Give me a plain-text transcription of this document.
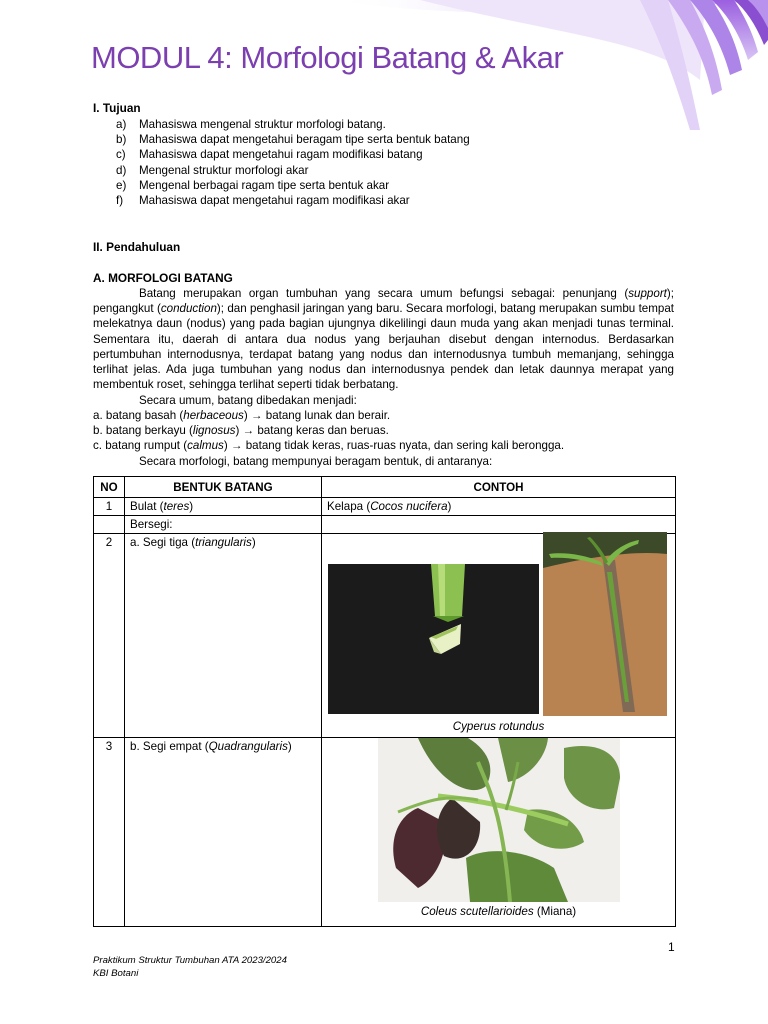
MODUL 4: Morfologi Batang & Akar
I. Tujuan
a) Mahasiswa mengenal struktur morfologi batang.
b) Mahasiswa dapat mengetahui beragam tipe serta bentuk batang
c) Mahasiswa dapat mengetahui ragam modifikasi batang
d) Mengenal struktur morfologi akar
e) Mengenal berbagai ragam tipe serta bentuk akar
f) Mahasiswa dapat mengetahui ragam modifikasi akar
II. Pendahuluan
A. MORFOLOGI BATANG
Batang merupakan organ tumbuhan yang secara umum befungsi sebagai: penunjang (support); pengangkut (conduction); dan penghasil jaringan yang baru. Secara morfologi, batang merupakan sumbu tempat melekatnya daun (nodus) yang pada bagian ujungnya dikelilingi daun muda yang akan menjadi tunas terminal. Sementara itu, daerah di antara dua nodus yang berjauhan disebut dengan internodus. Berdasarkan pertumbuhan internodusnya, terdapat batang yang nodus dan internodusnya tumbuh memanjang, sehingga terlihat jelas. Ada juga tumbuhan yang nodus dan internodusnya pendek dan letak daunnya merapat yang membentuk roset, sehingga terlihat seperti tidak berbatang.
Secara umum, batang dibedakan menjadi:
a. batang basah (herbaceous) → batang lunak dan berair.
b. batang berkayu (lignosus) → batang keras dan beruas.
c. batang rumput (calmus) → batang tidak keras, ruas-ruas nyata, dan sering kali berongga.
Secara morfologi, batang mempunyai beragam bentuk, di antaranya:
NO	BENTUK BATANG	CONTOH
1	Bulat (teres)	Kelapa (Cocos nucifera)
	Bersegi:	
2	a. Segi tiga (triangularis)	Cyperus rotundus

3	b. Segi empat (Quadrangularis)	Coleus scutellarioides (Miana)
1
Praktikum Struktur Tumbuhan ATA 2023/2024
KBI Botani
